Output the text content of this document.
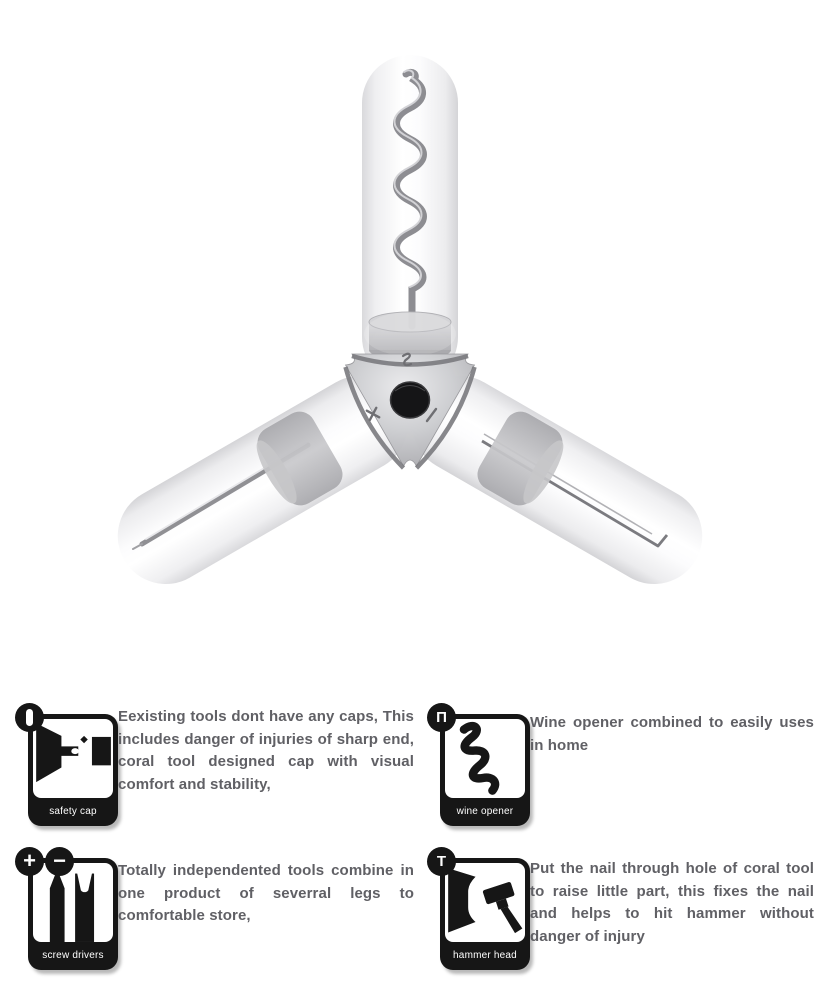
safety cap

Eexisting tools dont have any caps, This includes danger of injuries of sharp end, coral tool designed cap with visual comfort and stability,

Π
wine opener

Wine opener combined to easily uses in home

+ −
screw drivers

Totally independented tools combine in one product of severral legs to comfortable store,

T
hammer head

Put the nail through hole of coral tool to raise little part, this fixes the nail and helps to hit hammer without danger of injury
